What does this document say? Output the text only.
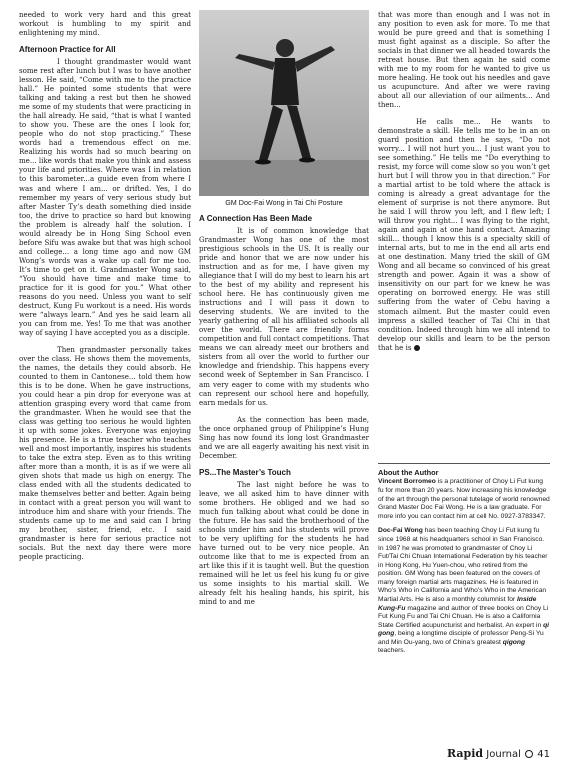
needed to work very hard and this great workout is humbling to my spirit and enlightening my mind.

Afternoon Practice for All

I thought grandmaster would want some rest after lunch but I was to have another lesson. He said, “Come with me to the practice hall.” He pointed some students that were talking and taking a rest but then he showed me some of my students that were practicing in the hall already. He said, “that is what I wanted to show you. These are the ones I look for, people who do not stop practicing.” These words had a tremendous effect on me. Realizing his words had so much bearing on me... like words that make you think and assess your life and priorities. Where was I in relation to this barometer...a guide even from where I was and where I am... or drifted. Yes, I do remember my years of very serious study but after Master Ty’s death something died inside too, the drive to practice so hard but knowing the problem is already half the solution. I would already be in Hong Sing School even before Sifu was awake but that was high school and college... a long time ago and now GM Wong’s words was a wake up call for me too. It’s time to get on it. Grandmaster Wong said, “You should have time and make time to practice for it is good for you.” What other reasons do you need. Unless you want to self destruct, Kung Fu workout is a need. His words were “always learn.” And yes he said learn all you can from me. Yes! To me that was another way of saying I have accepted you as a disciple.

Then grandmaster personally takes over the class. He shows them the movements, the names, the details they could absorb. He counted to them in Cantonese... told them how this is to be done. When he gave instructions, you could hear a pin drop for everyone was at attention grasping every word that came from the grandmaster. When he would see that the class was getting too serious he would lighten it up with some jokes. Everyone was enjoying his presence. He is a true teacher who teaches well and most importantly, inspires his students to take the extra step. Even as to this writing after more than a month, it is as if we were all given shots that made us high on energy. The class ended with all the students dedicated to make themselves better and better. Again being in contact with a great person you will want to introduce him and share with your friends. The students came up to me and said can I bring my brother, sister, friend, etc. I said grandmaster is here for serious practice not socials. But the next day there were more people practicing.

GM Doc-Fai Wong in Tai Chi Posture
A Connection Has Been Made

It is of common knowledge that Grandmaster Wong has one of the most prestigious schools in the US. It is really our pride and honor that we are now under his instruction and as for me, I have given my allegiance that I will do my best to learn his art to the best of my ability and represent his school here. He has continuously given me instructions and I will pass it down to deserving students. We are invited to the yearly gathering of all his affiliated schools all over the world. There are friendly forms competition and full contact competitions. That means we can already meet our brothers and sisters from all over the world to further our knowledge and friendship. This happens every second week of September in San Francisco. I am very eager to come with my students who can represent our school here and hopefully, earn medals for us.

As the connection has been made, the once orphaned group of Philippine’s Hung Sing has now found its long lost Grandmaster and we are all eagerly awaiting his next visit in December.

PS...The Master’s Touch

The last night before he was to leave, we all asked him to have dinner with some brothers. He obliged and we had so much fun talking about what could be done in the future. He has said the brotherhood of the schools under him and his students will prove to be very uplifting for the students he had have turned out to be very nice people. An outcome like that to me is expected from an art like this if it is taught well. But the question remained will he let us feel his kung fu or give us some insights to his martial skill. We already felt his healing hands, his spirit, his mind to and me

that was more than enough and I was not in any position to even ask for more. To me that would be pure greed and that is something I must fight against as a disciple. So after the socials in that dinner we all headed towards the retreat house. But then again he said come with me to my room for he wanted to give us more healing. He took out his needles and gave us acupuncture. And after we were raving about all our alleviation of our ailments... And then...

He calls me... He wants to demonstrate a skill. He tells me to be in an on guard position and then he says, “Do not worry... I will not hurt you... I just want you to see something.” He tells me “Do everything to resist, my force will come slow so you won’t get hurt but I will throw you in that direction.” For a martial artist to be told where the attack is coming is already a great advantage for the element of surprise is not there anymore. But he said I will throw you left, and I flew left; I will throw you right... I was flying to the right, again and again at one hand contact. Amazing skill... though I know this is a specialty skill of internal arts, but to me in the end all arts end at one destination. Many tried the skill of GM Wong and all became so convinced of his great strength and power. Again it was a show of insensitivity on our part for we knew he was operating on borrowed energy. He was still suffering from the water of Cebu having a stomach ailment. But the master could even impress a skilled teacher of Tai Chi in that condition. Indeed through him we all intend to develop our skills and learn to be the person that he is

About the Author

Vincent Borromeo is a practitioner of Choy Li Fut kung fu for more than 20 years. Now increasing his knowledge of the art through the personal tutelage of world renowned Grand Master Doc Fai Wong. He is a law graduate. For more info you can contact him at cell No. 0927-3783347.

Doc-Fai Wong has been teaching Choy Li Fut kung fu since 1968 at his headquarters school in San Francisco. In 1987 he was promoted to grandmaster of Choy Li Fut/Tai Chi Chuan International Federation by his teacher in Hong Kong, Hu Yuen-chou, who retired from the position. GM Wong has been featured on the covers of many foreign martial arts magazines. He is featured in Who’s Who in California and Who’s Who in the American Martial Arts. He is also a monthly columnist for Inside Kung-Fu magazine and author of three books on Choy Li Fut Kung Fu and Tai Chi Chuan. He is also a California State Certified acupuncturist and herbalist. An expert in qi gong, being a longtime disciple of professor Peng-Si Yu and Min Ou-yang, two of China’s greatest qigong teachers.

Rapid Journal 41
